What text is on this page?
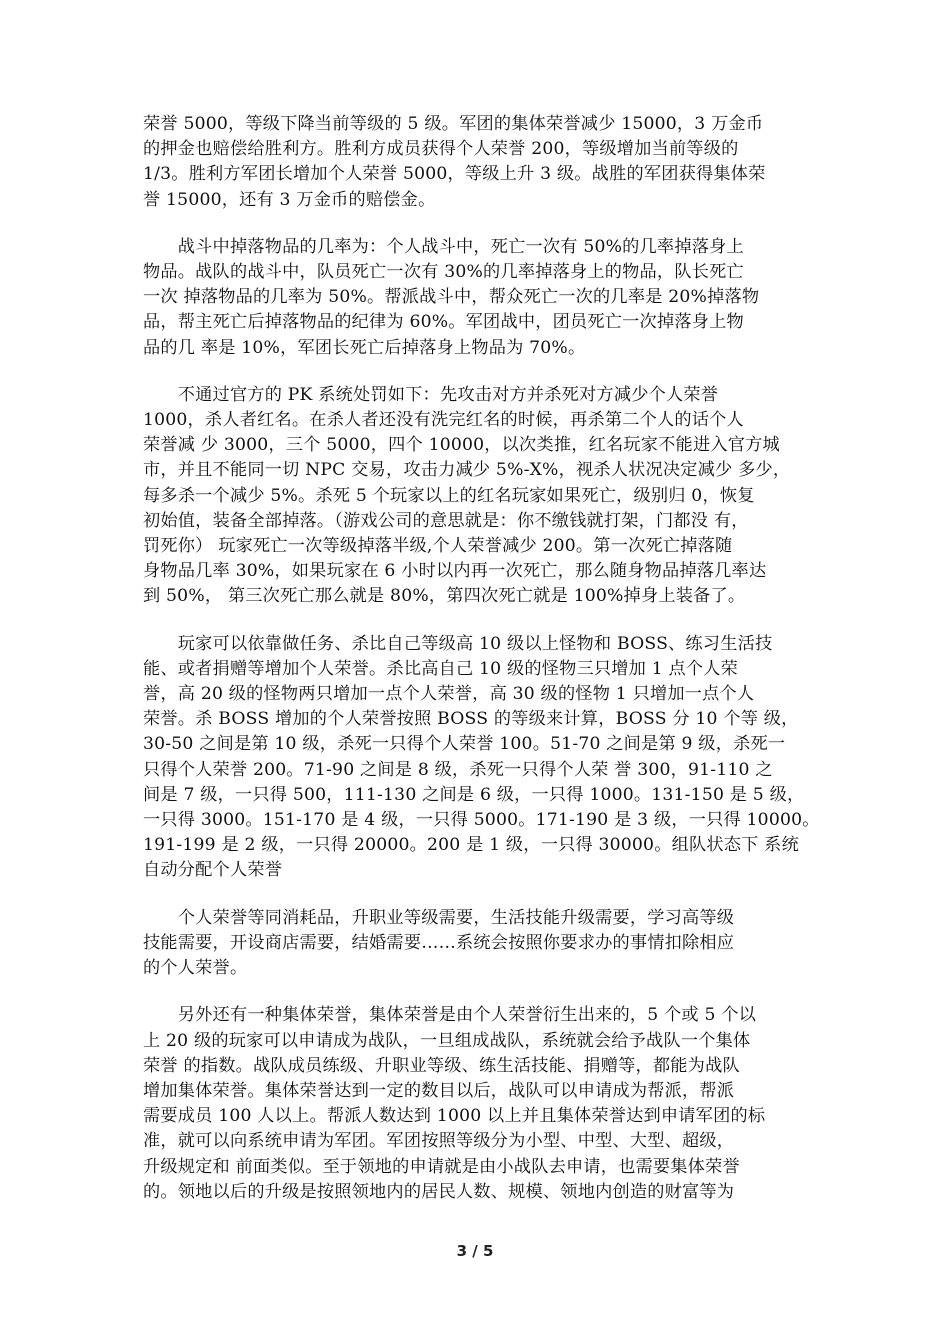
荣誉 5000，等级下降当前等级的 5 级。军团的集体荣誉减少 15000，3 万金币
的押金也赔偿给胜利方。胜利方成员获得个人荣誉 200，等级增加当前等级的
1/3。胜利方军团长增加个人荣誉 5000，等级上升 3 级。战胜的军团获得集体荣
誉 15000，还有 3 万金币的赔偿金。
　　战斗中掉落物品的几率为：个人战斗中，死亡一次有 50%的几率掉落身上
物品。战队的战斗中，队员死亡一次有 30%的几率掉落身上的物品，队长死亡
一次 掉落物品的几率为 50%。帮派战斗中，帮众死亡一次的几率是 20%掉落物
品，帮主死亡后掉落物品的纪律为 60%。军团战中，团员死亡一次掉落身上物
品的几 率是 10%，军团长死亡后掉落身上物品为 70%。
　　不通过官方的 PK 系统处罚如下：先攻击对方并杀死对方减少个人荣誉
1000，杀人者红名。在杀人者还没有洗完红名的时候，再杀第二个人的话个人
荣誉减 少 3000，三个 5000，四个 10000，以次类推，红名玩家不能进入官方城
市，并且不能同一切 NPC 交易，攻击力减少 5%-X%，视杀人状况决定减少 多少，
每多杀一个减少 5%。杀死 5 个玩家以上的红名玩家如果死亡，级别归 0，恢复
初始值，装备全部掉落。（游戏公司的意思就是：你不缴钱就打架，门都没 有，
罚死你） 玩家死亡一次等级掉落半级,个人荣誉减少 200。第一次死亡掉落随
身物品几率 30%，如果玩家在 6 小时以内再一次死亡，那么随身物品掉落几率达
到 50%， 第三次死亡那么就是 80%，第四次死亡就是 100%掉身上装备了。
　　玩家可以依靠做任务、杀比自己等级高 10 级以上怪物和 BOSS、练习生活技
能、或者捐赠等增加个人荣誉。杀比高自己 10 级的怪物三只增加 1 点个人荣
誉，高 20 级的怪物两只增加一点个人荣誉，高 30 级的怪物 1 只增加一点个人
荣誉。杀 BOSS 增加的个人荣誉按照 BOSS 的等级来计算，BOSS 分 10 个等 级，
30-50 之间是第 10 级，杀死一只得个人荣誉 100。51-70 之间是第 9 级，杀死一
只得个人荣誉 200。71-90 之间是 8 级，杀死一只得个人荣 誉 300，91-110 之
间是 7 级，一只得 500，111-130 之间是 6 级，一只得 1000。131-150 是 5 级，
一只得 3000。151-170 是 4 级，一只得 5000。171-190 是 3 级，一只得 10000。
191-199 是 2 级，一只得 20000。200 是 1 级，一只得 30000。组队状态下 系统
自动分配个人荣誉
　　个人荣誉等同消耗品，升职业等级需要，生活技能升级需要，学习高等级
技能需要，开设商店需要，结婚需要……系统会按照你要求办的事情扣除相应
的个人荣誉。
　　另外还有一种集体荣誉，集体荣誉是由个人荣誉衍生出来的，5 个或 5 个以
上 20 级的玩家可以申请成为战队，一旦组成战队，系统就会给予战队一个集体
荣誉 的指数。战队成员练级、升职业等级、练生活技能、捐赠等，都能为战队
增加集体荣誉。集体荣誉达到一定的数目以后，战队可以申请成为帮派，帮派
需要成员 100 人以上。帮派人数达到 1000 以上并且集体荣誉达到申请军团的标
准，就可以向系统申请为军团。军团按照等级分为小型、中型、大型、超级，
升级规定和 前面类似。至于领地的申请就是由小战队去申请，也需要集体荣誉
的。领地以后的升级是按照领地内的居民人数、规模、领地内创造的财富等为
3 / 5
